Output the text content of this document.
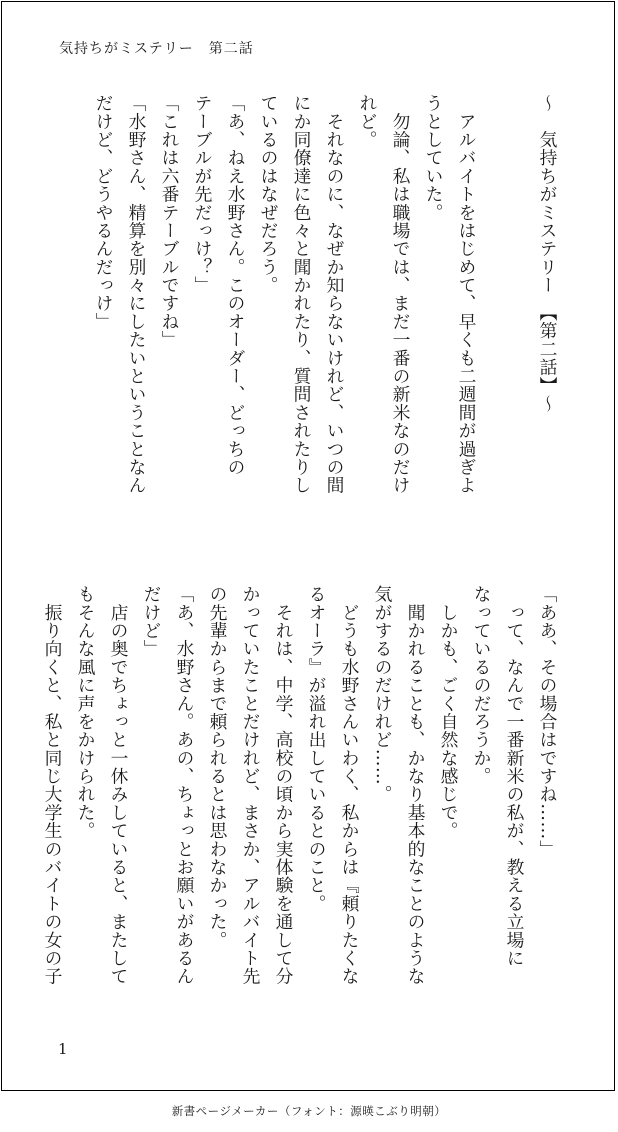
気持ちがミステリー　第二話
～　気持ちがミステリー　【第二話】～
　アルバイトをはじめて、早くも二週間が過ぎよ
うとしていた。
　勿論、私は職場では、まだ一番の新米なのだけ
れど。
　それなのに、なぜか知らないけれど、いつの間
にか同僚達に色々と聞かれたり、質問されたりし
ているのはなぜだろう。
「あ、ねえ水野さん。このオーダー、どっちの
テーブルが先だっけ？」
「これは六番テーブルですね」
「水野さん、精算を別々にしたいということなん
だけど、どうやるんだっけ」
「ああ、その場合はですね……」
　って、なんで一番新米の私が、教える立場に
なっているのだろうか。
　しかも、ごく自然な感じで。
　聞かれることも、かなり基本的なことのような
気がするのだけれど……。
　どうも水野さんいわく、私からは『頼りたくな
るオーラ』が溢れ出しているとのこと。
　それは、中学、高校の頃から実体験を通して分
かっていたことだけれど、まさか、アルバイト先
の先輩からまで頼られるとは思わなかった。
「あ、水野さん。あの、ちょっとお願いがあるん
だけど」
　店の奥でちょっと一休みしていると、またして
もそんな風に声をかけられた。
　振り向くと、私と同じ大学生のバイトの女の子
1
新書ページメーカー（フォント：源暎こぶり明朝）
